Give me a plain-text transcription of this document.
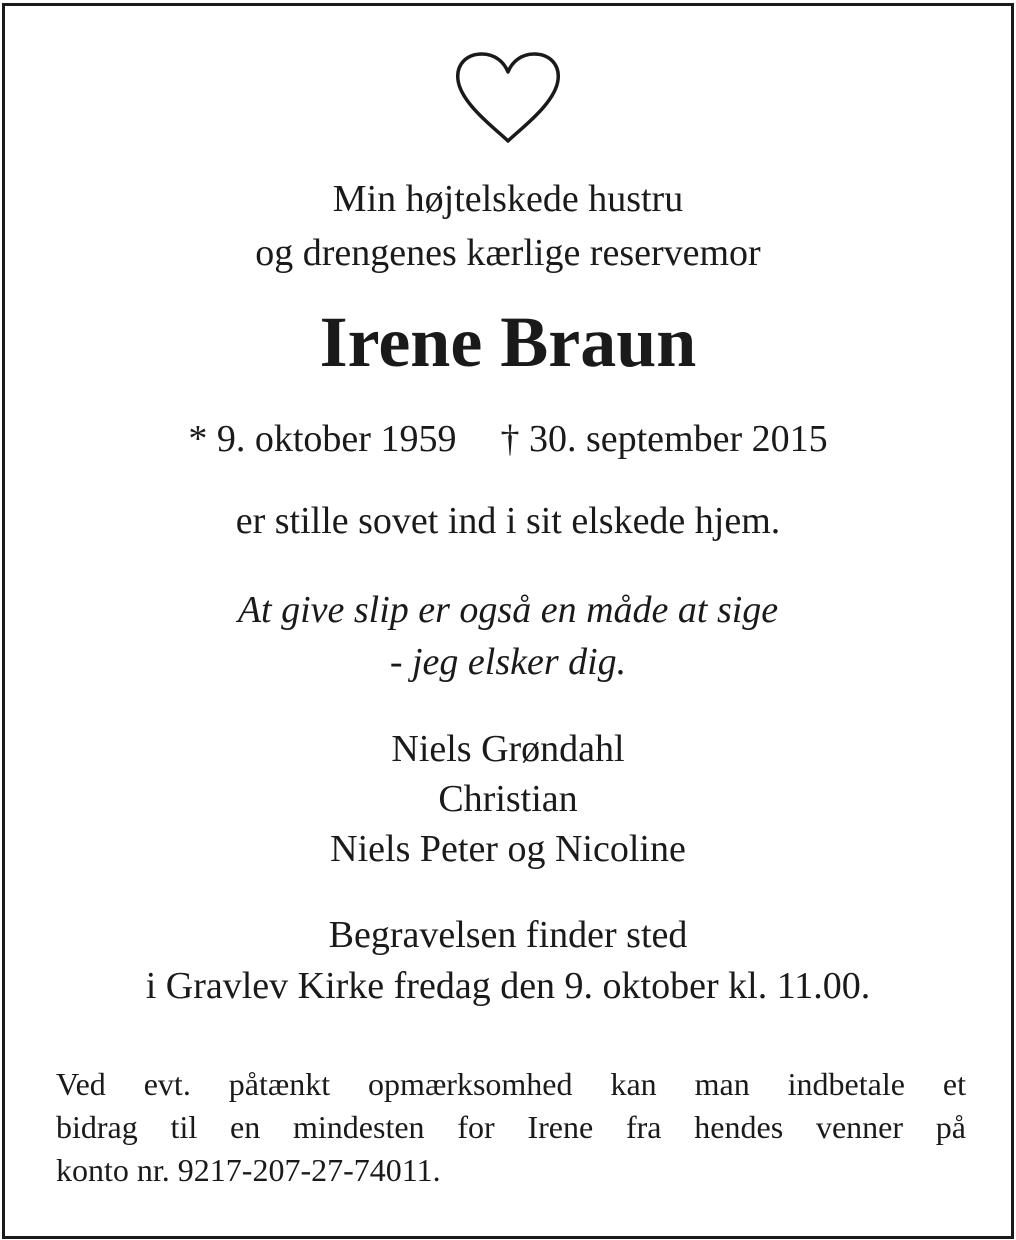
Min højtelskede hustru
og drengenes kærlige reservemor
Irene Braun
* 9. oktober 1959 † 30. september 2015
er stille sovet ind i sit elskede hjem.
At give slip er også en måde at sige
- jeg elsker dig.
Niels Grøndahl
Christian
Niels Peter og Nicoline
Begravelsen finder sted
i Gravlev Kirke fredag den 9. oktober kl. 11.00.
Ved evt. påtænkt opmærksomhed kan man indbetale et
bidrag til en mindesten for Irene fra hendes venner på
konto nr. 9217-207-27-74011.
